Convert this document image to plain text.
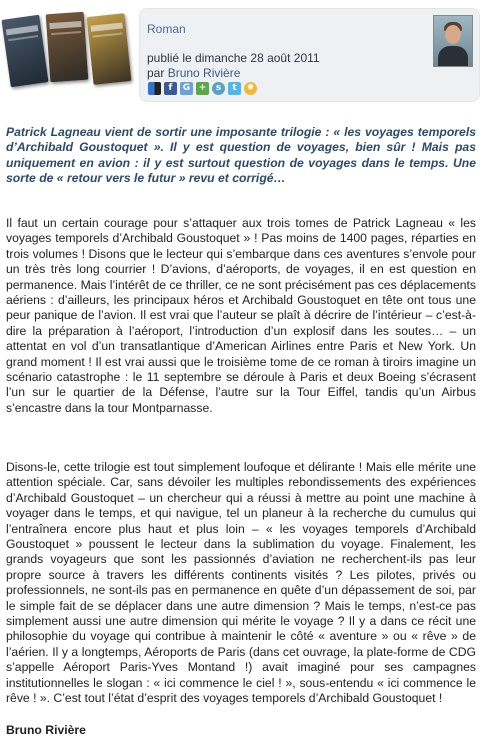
Roman
publié le dimanche 28 août 2011
par Bruno Rivière
f	G +	s	t	✹

Patrick Lagneau vient de sortir une imposante trilogie : « les voyages temporels d’Archibald Goustoquet ». Il y est question de voyages, bien sûr ! Mais pas uniquement en avion : il y est surtout question de voyages dans le temps. Une sorte de « retour vers le futur » revu et corrigé…

Il faut un certain courage pour s’attaquer aux trois tomes de Patrick Lagneau « les voyages temporels d’Archibald Goustoquet » ! Pas moins de 1400 pages, réparties en trois volumes ! Disons que le lecteur qui s’embarque dans ces aventures s’envole pour un très très long courrier ! D’avions, d’aéroports, de voyages, il en est question en permanence. Mais l’intérêt de ce thriller, ce ne sont précisément pas ces déplacements aériens : d’ailleurs, les principaux héros et Archibald Goustoquet en tête ont tous une peur panique de l’avion. Il est vrai que l’auteur se plaît à décrire de l’intérieur – c’est-à-dire la préparation à l’aéroport, l’introduction d’un explosif dans les soutes… – un attentat en vol d’un transatlantique d’American Airlines entre Paris et New York. Un grand moment ! Il est vrai aussi que le troisième tome de ce roman à tiroirs imagine un scénario catastrophe : le 11 septembre se déroule à Paris et deux Boeing s’écrasent l’un sur le quartier de la Défense, l’autre sur la Tour Eiffel, tandis qu’un Airbus s’encastre dans la tour Montparnasse.

Disons-le, cette trilogie est tout simplement loufoque et délirante ! Mais elle mérite une attention spéciale. Car, sans dévoiler les multiples rebondissements des expériences d’Archibald Goustoquet – un chercheur qui a réussi à mettre au point une machine à voyager dans le temps, et qui navigue, tel un planeur à la recherche du cumulus qui l’entraînera encore plus haut et plus loin – « les voyages temporels d’Archibald Goustoquet » poussent le lecteur dans la sublimation du voyage. Finalement, les grands voyageurs que sont les passionnés d’aviation ne recherchent-ils pas leur propre source à travers les différents continents visités ? Les pilotes, privés ou professionnels, ne sont-ils pas en permanence en quête d’un dépassement de soi, par le simple fait de se déplacer dans une autre dimension ? Mais le temps, n’est-ce pas simplement aussi une autre dimension qui mérite le voyage ? Il y a dans ce récit une philosophie du voyage qui contribue à maintenir le côté « aventure » ou « rêve » de l’aérien. Il y a longtemps, Aéroports de Paris (dans cet ouvrage, la plate-forme de CDG s’appelle Aéroport Paris-Yves Montand !) avait imaginé pour ses campagnes institutionnelles le slogan : « ici commence le ciel ! », sous-entendu « ici commence le rêve ! ». C’est tout l’état d’esprit des voyages temporels d’Archibald Goustoquet !

Bruno Rivière
